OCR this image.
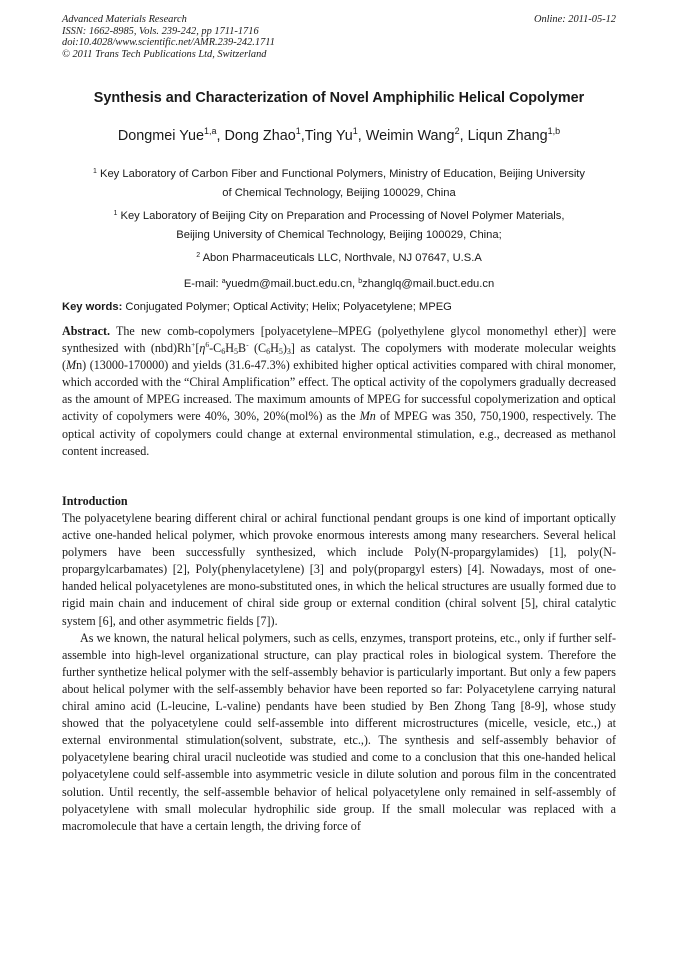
Advanced Materials Research
ISSN: 1662-8985, Vols. 239-242, pp 1711-1716
doi:10.4028/www.scientific.net/AMR.239-242.1711
© 2011 Trans Tech Publications Ltd, Switzerland
Online: 2011-05-12
Synthesis and Characterization of Novel Amphiphilic Helical Copolymer
Dongmei Yue$^{1,a}$, Dong Zhao$^1$,Ting Yu$^1$, Weimin Wang$^2$, Liqun Zhang$^{1,b}$
$^1$ Key Laboratory of Carbon Fiber and Functional Polymers, Ministry of Education, Beijing University
of Chemical Technology, Beijing 100029, China
$^1$ Key Laboratory of Beijing City on Preparation and Processing of Novel Polymer Materials,
Beijing University of Chemical Technology, Beijing 100029, China;
$^2$ Abon Pharmaceuticals LLC, Northvale, NJ 07647, U.S.A
E-mail: $^a$yuedm@mail.buct.edu.cn, $^b$zhanglq@mail.buct.edu.cn
Key words: Conjugated Polymer; Optical Activity; Helix; Polyacetylene; MPEG

Abstract. The new comb-copolymers [polyacetylene–MPEG (polyethylene glycol monomethyl ether)] were synthesized with $(nbd)Rh^+[\eta^6-C_6H_5B^-$ $(C_6H_5)_3$] as catalyst. The copolymers with moderate molecular weights (Mn) (13000-170000) and yields (31.6-47.3%) exhibited higher optical activities compared with chiral monomer, which accorded with the “Chiral Amplification” effect. The optical activity of the copolymers gradually decreased as the amount of MPEG increased. The maximum amounts of MPEG for successful copolymerization and optical activity of copolymers were 40%, 30%, 20%(mol%) as the Mn of MPEG was 350, 750,1900, respectively. The optical activity of copolymers could change at external environmental stimulation, e.g., decreased as methanol content increased.

Introduction

The polyacetylene bearing different chiral or achiral functional pendant groups is one kind of important optically active one-handed helical polymer, which provoke enormous interests among many researchers. Several helical polymers have been successfully synthesized, which include Poly(N-propargylamides) [1], poly(N-propargylcarbamates) [2], Poly(phenylacetylene) [3] and poly(propargyl esters) [4]. Nowadays, most of one-handed helical polyacetylenes are mono-substituted ones, in which the helical structures are usually formed due to rigid main chain and inducement of chiral side group or external condition (chiral solvent [5], chiral catalytic system [6], and other asymmetric fields [7]).

As we known, the natural helical polymers, such as cells, enzymes, transport proteins, etc., only if further self-assemble into high-level organizational structure, can play practical roles in biological system. Therefore the further synthetize helical polymer with the self-assembly behavior is particularly important. But only a few papers about helical polymer with the self-assembly behavior have been reported so far: Polyacetylene carrying natural chiral amino acid (L-leucine, L-valine) pendants have been studied by Ben Zhong Tang [8-9], whose study showed that the polyacetylene could self-assemble into different microstructures (micelle, vesicle, etc.,) at external environmental stimulation(solvent, substrate, etc.,). The synthesis and self-assembly behavior of polyacetylene bearing chiral uracil nucleotide was studied and come to a conclusion that this one-handed helical polyacetylene could self-assemble into asymmetric vesicle in dilute solution and porous film in the concentrated solution. Until recently, the self-assemble behavior of helical polyacetylene only remained in self-assembly of polyacetylene with small molecular hydrophilic side group. If the small molecular was replaced with a macromolecule that have a certain length, the driving force of
